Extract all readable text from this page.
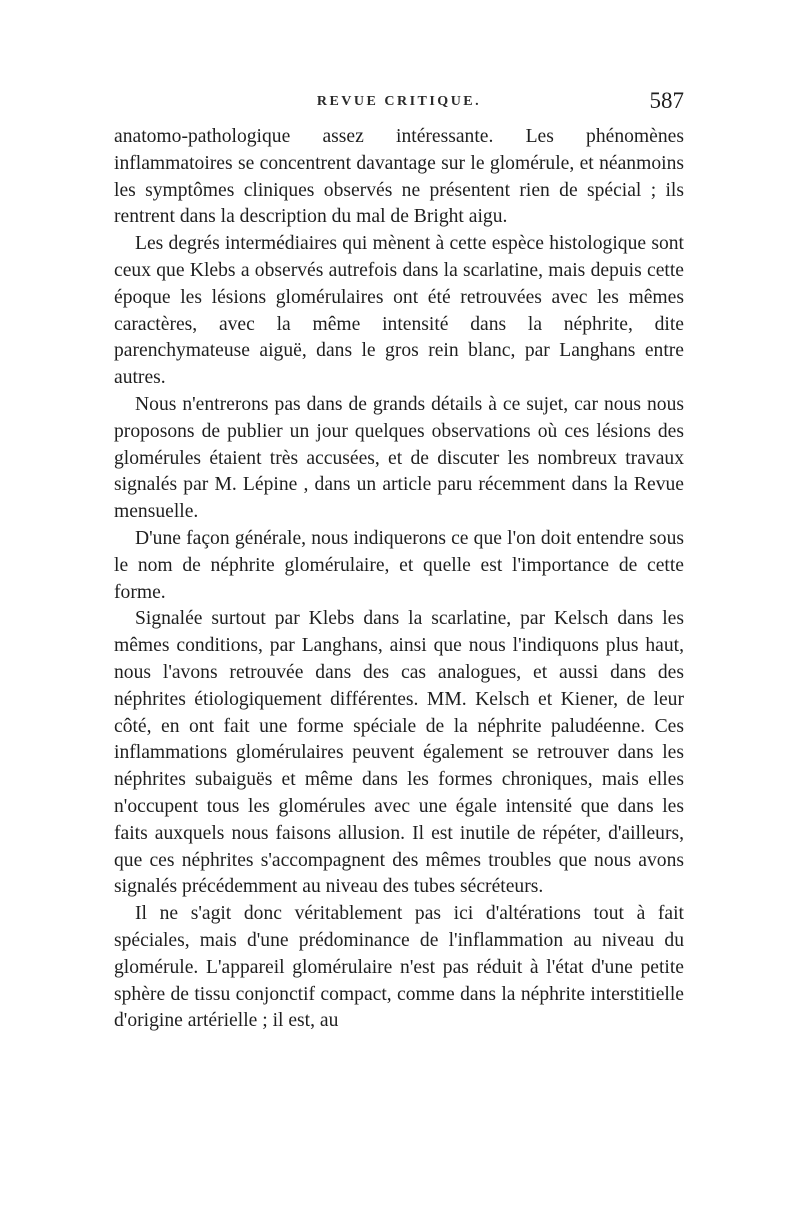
REVUE CRITIQUE.	587

anatomo-pathologique assez intéressante. Les phénomènes inflammatoires se concentrent davantage sur le glomérule, et néanmoins les symptômes cliniques observés ne présentent rien de spécial ; ils rentrent dans la description du mal de Bright aigu.

Les degrés intermédiaires qui mènent à cette espèce histologique sont ceux que Klebs a observés autrefois dans la scarlatine, mais depuis cette époque les lésions glomérulaires ont été retrouvées avec les mêmes caractères, avec la même intensité dans la néphrite, dite parenchymateuse aiguë, dans le gros rein blanc, par Langhans entre autres.

Nous n'entrerons pas dans de grands détails à ce sujet, car nous nous proposons de publier un jour quelques observations où ces lésions des glomérules étaient très accusées, et de discuter les nombreux travaux signalés par M. Lépine , dans un article paru récemment dans la Revue mensuelle.

D'une façon générale, nous indiquerons ce que l'on doit entendre sous le nom de néphrite glomérulaire, et quelle est l'importance de cette forme.

Signalée surtout par Klebs dans la scarlatine, par Kelsch dans les mêmes conditions, par Langhans, ainsi que nous l'indiquons plus haut, nous l'avons retrouvée dans des cas analogues, et aussi dans des néphrites étiologiquement différentes. MM. Kelsch et Kiener, de leur côté, en ont fait une forme spéciale de la néphrite paludéenne. Ces inflammations glomérulaires peuvent également se retrouver dans les néphrites subaiguës et même dans les formes chroniques, mais elles n'occupent tous les glomérules avec une égale intensité que dans les faits auxquels nous faisons allusion. Il est inutile de répéter, d'ailleurs, que ces néphrites s'accompagnent des mêmes troubles que nous avons signalés précédemment au niveau des tubes sécréteurs.

Il ne s'agit donc véritablement pas ici d'altérations tout à fait spéciales, mais d'une prédominance de l'inflammation au niveau du glomérule. L'appareil glomérulaire n'est pas réduit à l'état d'une petite sphère de tissu conjonctif compact, comme dans la néphrite interstitielle d'origine artérielle ; il est, au
